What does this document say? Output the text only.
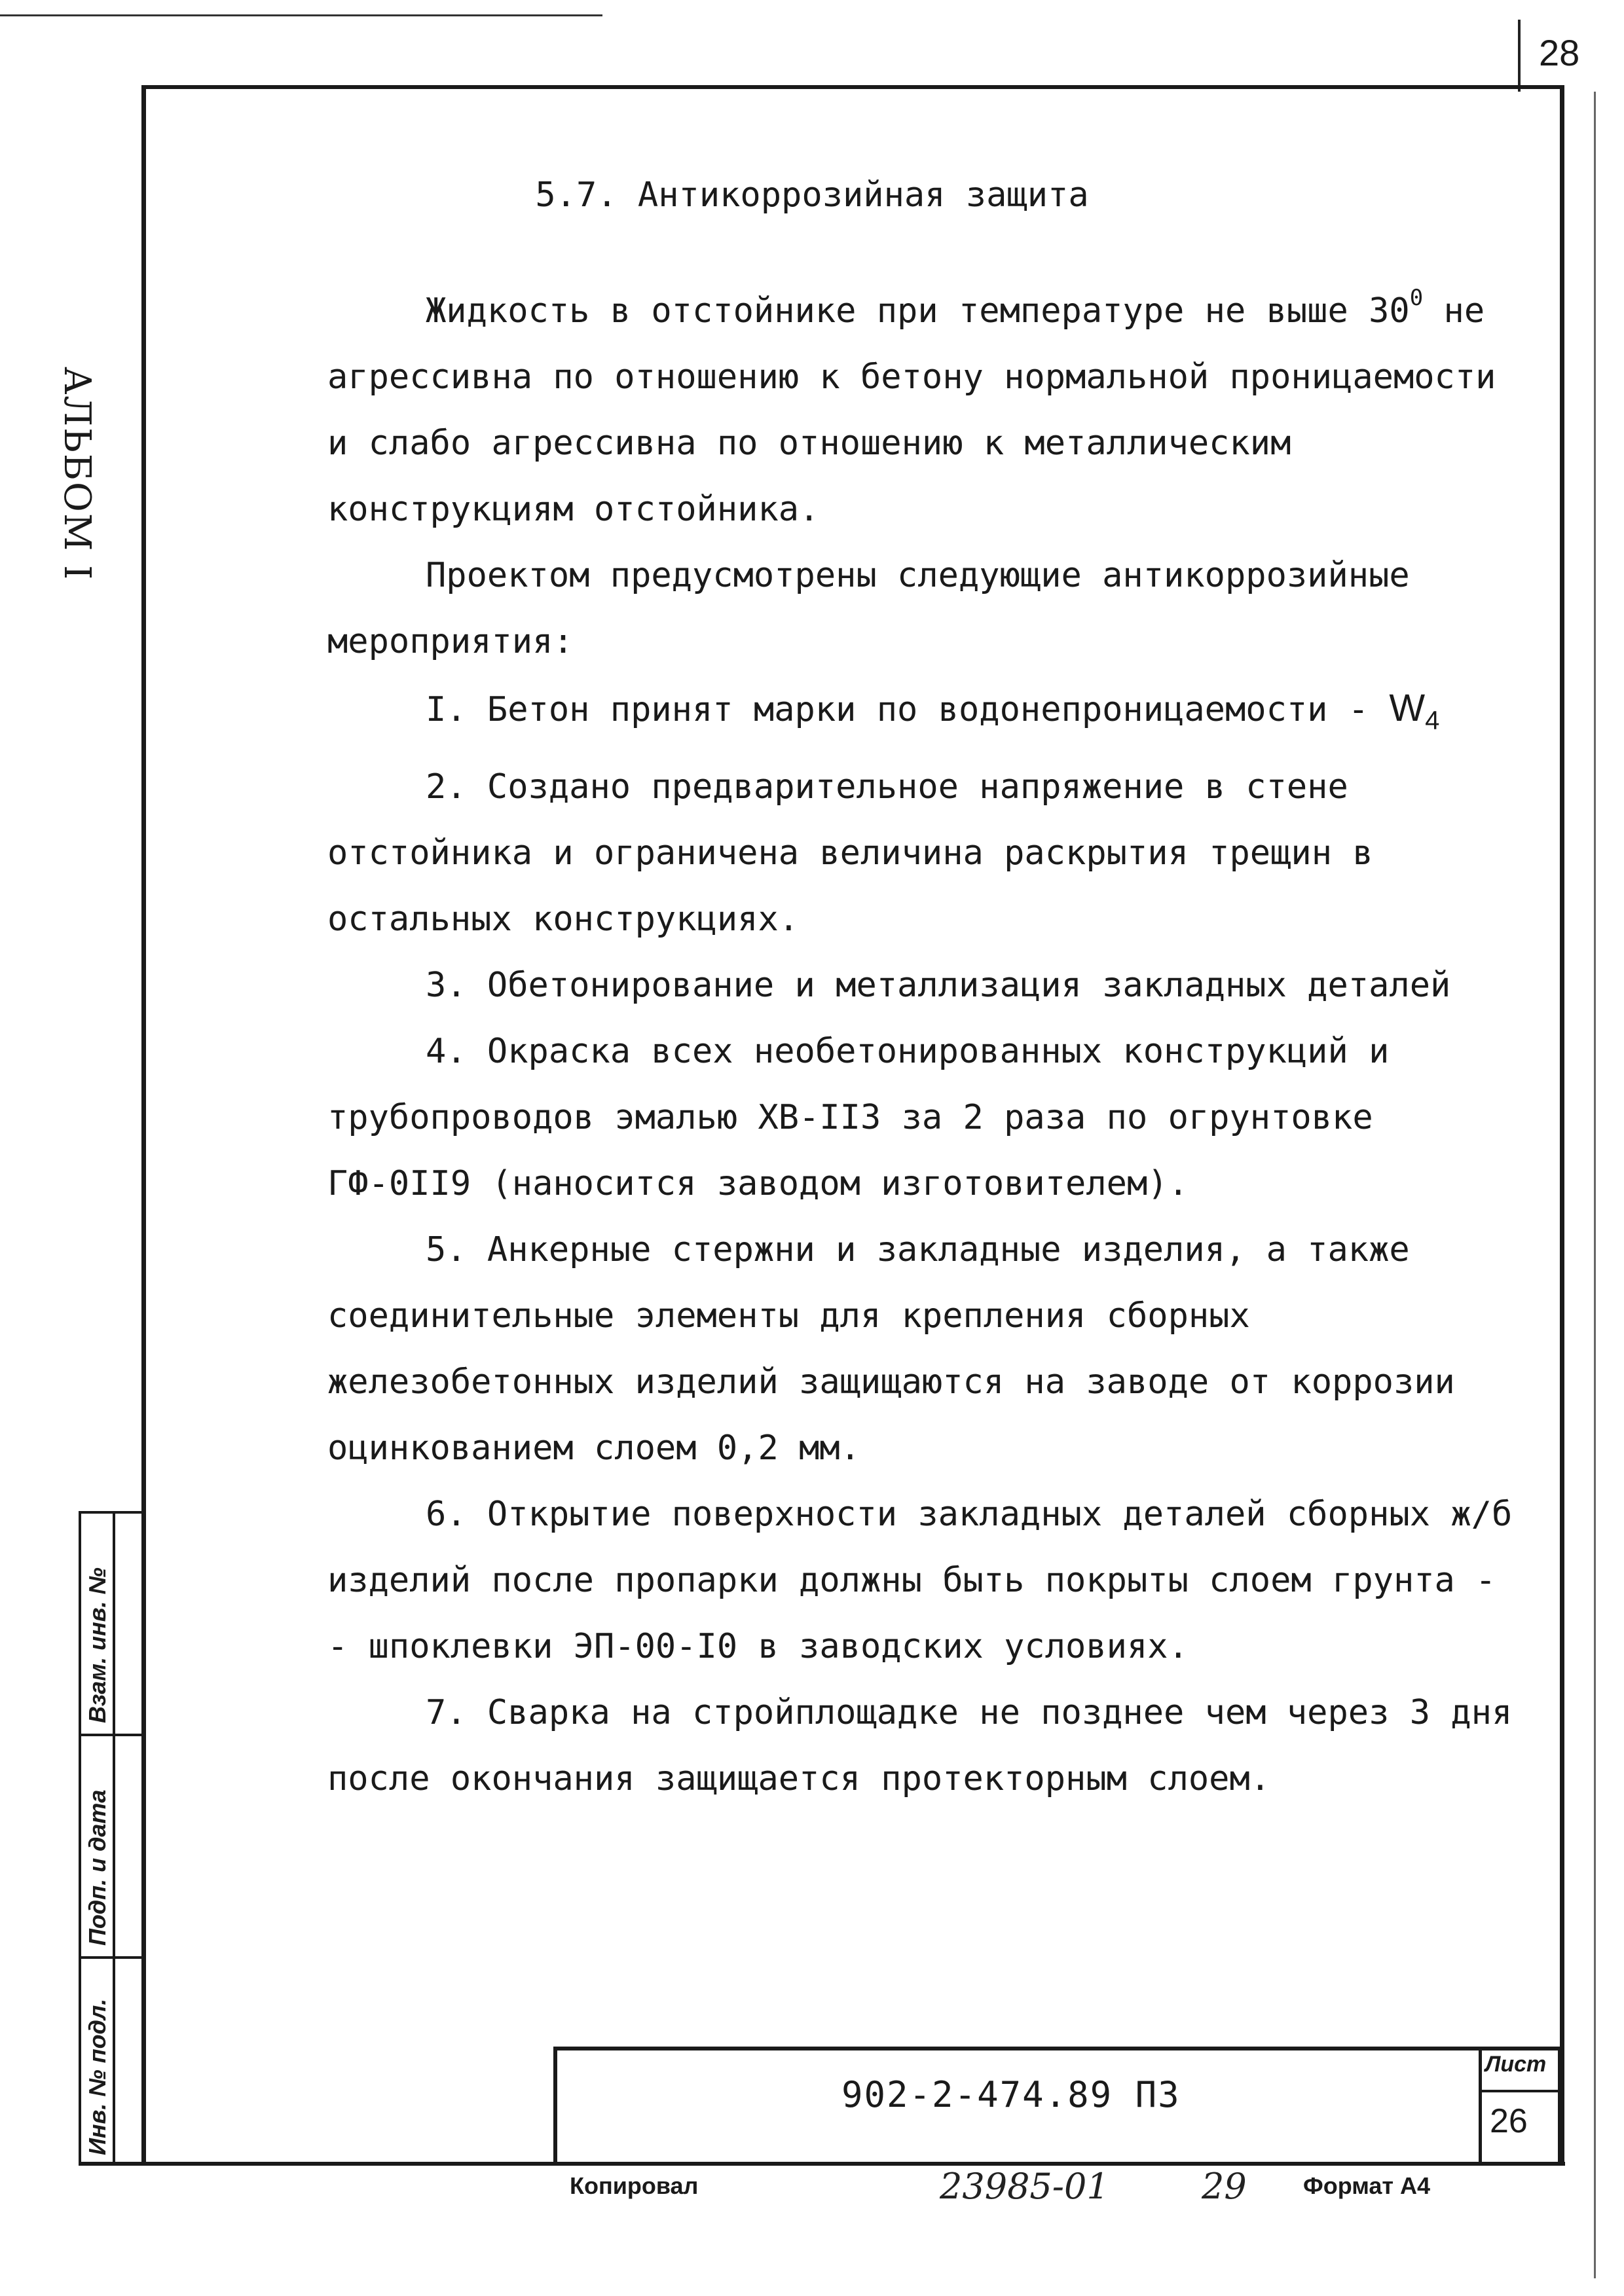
28
АЛЬБОМ I
Взам. инв. №
Подп. и дата
Инв. № подл.
5.7. Антикоррозийная защита

Жидкость в отстойнике при температуре не выше $30^0$ не агрессивна по отношению к бетону нормальной проницаемости и слабо агрессивна по отношению к металлическим конструкциям отстойника.

Проектом предусмотрены следующие антикоррозийные мероприятия:

I. Бетон принят марки по водонепроницаемости - $W_4$

2. Создано предварительное напряжение в стене отстойника и ограничена величина раскрытия трещин в остальных конструкциях.

3. Обетонирование и металлизация закладных деталей

4. Окраска всех необетонированных конструкций и трубопроводов эмалью ХВ-II3 за 2 раза по огрунтовке ГФ-0II9 (наносится заводом изготовителем).

5. Анкерные стержни и закладные изделия, а также соединительные элементы для крепления сборных железобетонных изделий защищаются на заводе от коррозии оцинкованием слоем 0,2 мм.

6. Открытие поверхности закладных деталей сборных ж/б изделий после пропарки должны быть покрыты слоем грунта - - шпоклевки ЭП-00-I0 в заводских условиях.

7. Сварка на стройплощадке не позднее чем через 3 дня после окончания защищается протекторным слоем.

902-2-474.89 ПЗ
Лист
26
Копировал	23985-01	29 Формат А4
